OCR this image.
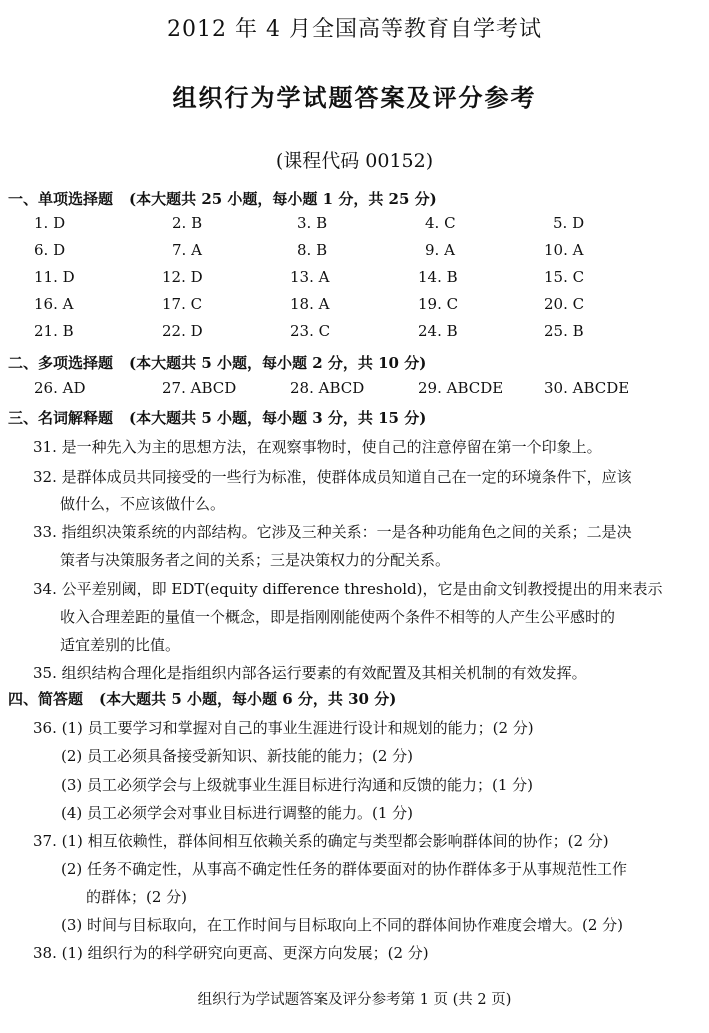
2012 年 4 月全国高等教育自学考试
组织行为学试题答案及评分参考
(课程代码 00152)
一、单项选择题 (本大题共 25 小题，每小题 1 分，共 25 分)
1. D	2. B	3. B	4. C	5. D
6. D	7. A	8. B	9. A	10. A
11. D	12. D	13. A	14. B	15. C
16. A	17. C	18. A	19. C	20. C
21. B	22. D	23. C	24. B	25. B
二、多项选择题 (本大题共 5 小题，每小题 2 分，共 10 分)
26. AD	27. ABCD	28. ABCD	29. ABCDE	30. ABCDE
三、名词解释题 (本大题共 5 小题，每小题 3 分，共 15 分)
31. 是一种先入为主的思想方法，在观察事物时，使自己的注意停留在第一个印象上。
32. 是群体成员共同接受的一些行为标准，使群体成员知道自己在一定的环境条件下，应该
做什么，不应该做什么。
33. 指组织决策系统的内部结构。它涉及三种关系：一是各种功能角色之间的关系；二是决
策者与决策服务者之间的关系；三是决策权力的分配关系。
34. 公平差别阈，即 EDT(equity difference threshold)，它是由俞文钊教授提出的用来表示
收入合理差距的量值一个概念，即是指刚刚能使两个条件不相等的人产生公平感时的
适宜差别的比值。
35. 组织结构合理化是指组织内部各运行要素的有效配置及其相关机制的有效发挥。
四、简答题 (本大题共 5 小题，每小题 6 分，共 30 分)
36. (1) 员工要学习和掌握对自己的事业生涯进行设计和规划的能力；(2 分)
(2) 员工必须具备接受新知识、新技能的能力；(2 分)
(3) 员工必须学会与上级就事业生涯目标进行沟通和反馈的能力；(1 分)
(4) 员工必须学会对事业目标进行调整的能力。(1 分)
37. (1) 相互依赖性，群体间相互依赖关系的确定与类型都会影响群体间的协作；(2 分)
(2) 任务不确定性，从事高不确定性任务的群体要面对的协作群体多于从事规范性工作
的群体；(2 分)
(3) 时间与目标取向，在工作时间与目标取向上不同的群体间协作难度会增大。(2 分)
38. (1) 组织行为的科学研究向更高、更深方向发展；(2 分)
组织行为学试题答案及评分参考第 1 页 (共 2 页)
